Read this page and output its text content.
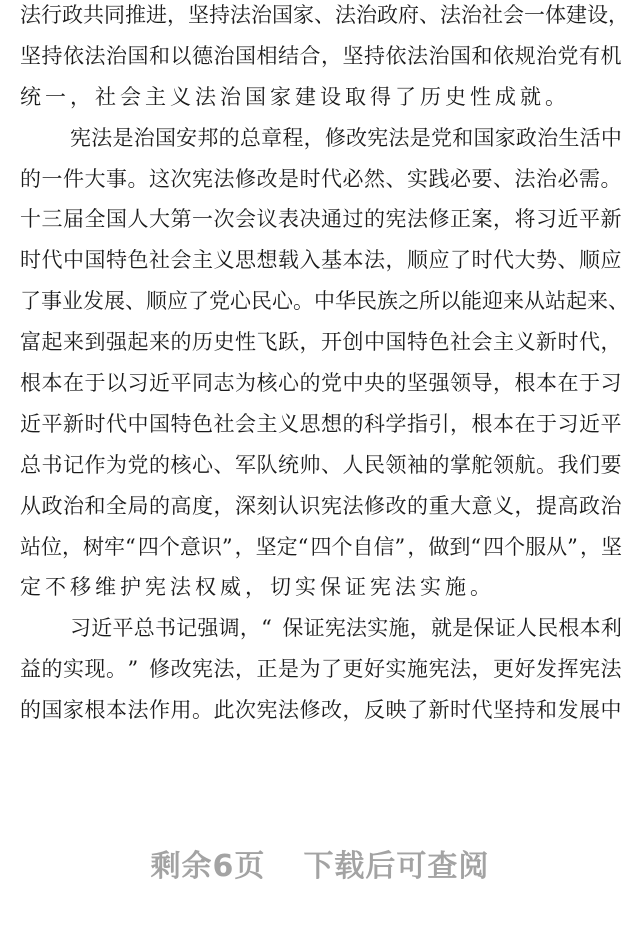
法 行 政 共 同 推 进 ， 坚 持 法 治 国 家 、 法 治 政 府 、 法 治 社 会 一 体 建 设 ，
坚 持 依 法 治 国 和 以 德 治 国 相 结 合 ， 坚 持 依 法 治 国 和 依 规 治 党 有 机
统 一 ， 社 会 主 义 法 治 国 家 建 设 取 得 了 历 史 性 成 就 。
宪 法 是 治 国 安 邦 的 总 章 程 ， 修 改 宪 法 是 党 和 国 家 政 治 生 活 中
的 一 件 大 事 。 这 次 宪 法 修 改 是 时 代 必 然 、 实 践 必 要 、 法 治 必 需 。
十 三 届 全 国 人 大 第 一 次 会 议 表 决 通 过 的 宪 法 修 正 案 ， 将 习 近 平 新
时 代 中 国 特 色 社 会 主 义 思 想 载 入 基 本 法 ， 顺 应 了 时 代 大 势 、 顺 应
了 事 业 发 展 、 顺 应 了 党 心 民 心 。 中 华 民 族 之 所 以 能 迎 来 从 站 起 来 、
富 起 来 到 强 起 来 的 历 史 性 飞 跃 ， 开 创 中 国 特 色 社 会 主 义 新 时 代 ，
根 本 在 于 以 习 近 平 同 志 为 核 心 的 党 中 央 的 坚 强 领 导 ， 根 本 在 于 习
近 平 新 时 代 中 国 特 色 社 会 主 义 思 想 的 科 学 指 引 ， 根 本 在 于 习 近 平
总 书 记 作 为 党 的 核 心 、 军 队 统 帅 、 人 民 领 袖 的 掌 舵 领 航 。 我 们 要
从 政 治 和 全 局 的 高 度 ， 深 刻 认 识 宪 法 修 改 的 重 大 意 义 ， 提 高 政 治
站 位 ， 树 牢 “ 四 个 意 识 ” ， 坚 定 “ 四 个 自 信 ” ， 做 到 “ 四 个 服 从 ” ， 坚
定 不 移 维 护 宪 法 权 威 ， 切 实 保 证 宪 法 实 施 。
习 近 平 总 书 记 强 调 ， “ 保 证 宪 法 实 施 ， 就 是 保 证 人 民 根 本 利
益 的 实 现 。 ” 修 改 宪 法 ， 正 是 为 了 更 好 实 施 宪 法 ， 更 好 发 挥 宪 法
的 国 家 根 本 法 作 用 。 此 次 宪 法 修 改 ， 反 映 了 新 时 代 坚 持 和 发 展 中
剩余6页 下载后可查阅
